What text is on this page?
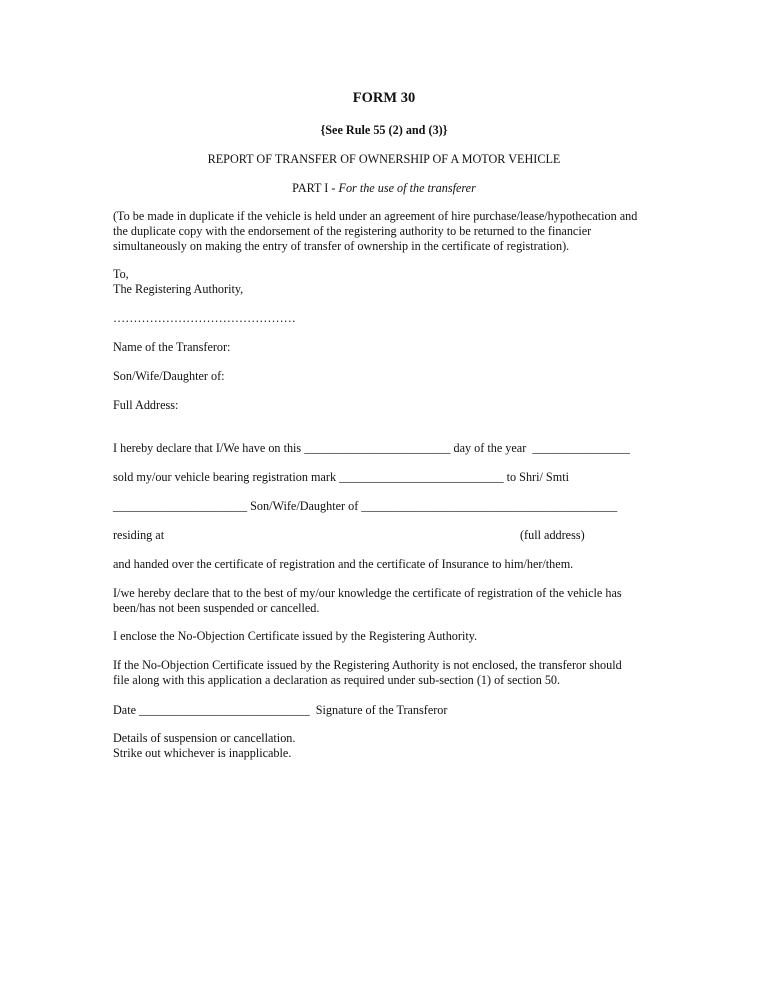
FORM 30
{See Rule 55 (2) and (3)}
REPORT OF TRANSFER OF OWNERSHIP OF A MOTOR VEHICLE
PART I - For the use of the transferer
(To be made in duplicate if the vehicle is held under an agreement of hire purchase/lease/hypothecation and
the duplicate copy with the endorsement of the registering authority to be returned to the financier
simultaneously on making the entry of transfer of ownership in the certificate of registration).
To,
The Registering Authority,
………………………………………
Name of the Transferor:
Son/Wife/Daughter of:
Full Address:
I hereby declare that I/We have on this ________________________ day of the year  ________________
sold my/our vehicle bearing registration mark ___________________________ to Shri/ Smti
______________________ Son/Wife/Daughter of __________________________________________
residing at	(full address)
and handed over the certificate of registration and the certificate of Insurance to him/her/them.
I/we hereby declare that to the best of my/our knowledge the certificate of registration of the vehicle has
been/has not been suspended or cancelled.
I enclose the No-Objection Certificate issued by the Registering Authority.
If the No-Objection Certificate issued by the Registering Authority is not enclosed, the transferor should
file along with this application a declaration as required under sub-section (1) of section 50.
Date ____________________________  Signature of the Transferor
Details of suspension or cancellation.
Strike out whichever is inapplicable.
